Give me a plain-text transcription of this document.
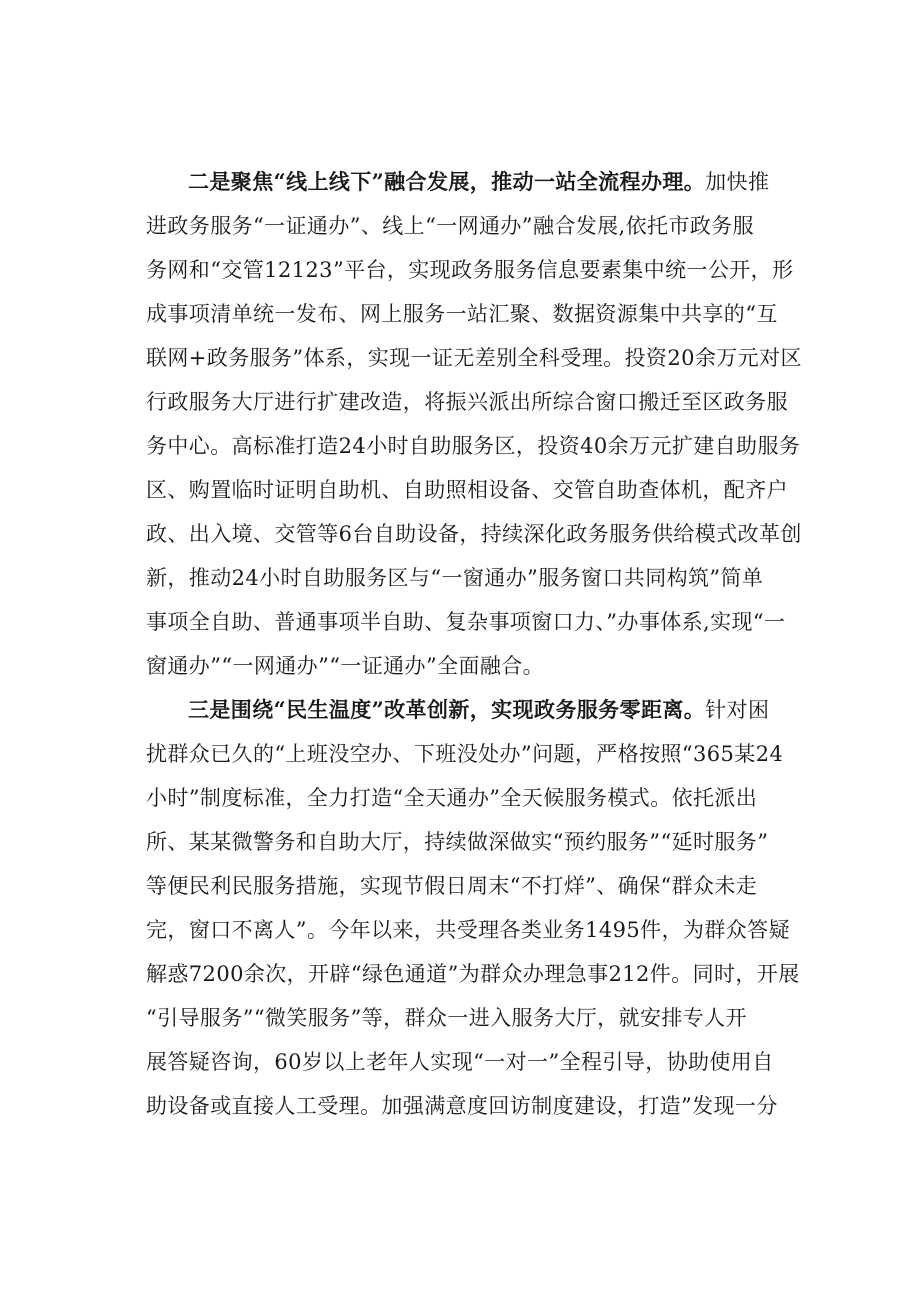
二是聚焦“线上线下”融合发展，推动一站全流程办理。加快推
进政务服务“一证通办”、线上“一网通办”融合发展,依托市政务服
务网和“交管12123”平台，实现政务服务信息要素集中统一公开，形
成事项清单统一发布、网上服务一站汇聚、数据资源集中共享的“互
联网+政务服务”体系，实现一证无差别全科受理。投资20余万元对区
行政服务大厅进行扩建改造，将振兴派出所综合窗口搬迁至区政务服
务中心。高标准打造24小时自助服务区，投资40余万元扩建自助服务
区、购置临时证明自助机、自助照相设备、交管自助查体机，配齐户
政、出入境、交管等6台自助设备，持续深化政务服务供给模式改革创
新，推动24小时自助服务区与“一窗通办”服务窗口共同构筑”简单
事项全自助、普通事项半自助、复杂事项窗口力、”办事体系,实现“一
窗通办”“一网通办”“一证通办”全面融合。
三是围绕“民生温度”改革创新，实现政务服务零距离。针对困
扰群众已久的“上班没空办、下班没处办”问题，严格按照“365某24
小时”制度标准，全力打造“全天通办”全天候服务模式。依托派出
所、某某微警务和自助大厅，持续做深做实“预约服务”“延时服务”
等便民利民服务措施，实现节假日周末“不打烊”、确保“群众未走
完，窗口不离人”。今年以来，共受理各类业务1495件，为群众答疑
解惑7200余次，开辟“绿色通道”为群众办理急事212件。同时，开展
“引导服务”“微笑服务”等，群众一进入服务大厅，就安排专人开
展答疑咨询，60岁以上老年人实现“一对一”全程引导，协助使用自
助设备或直接人工受理。加强满意度回访制度建设，打造”发现一分
